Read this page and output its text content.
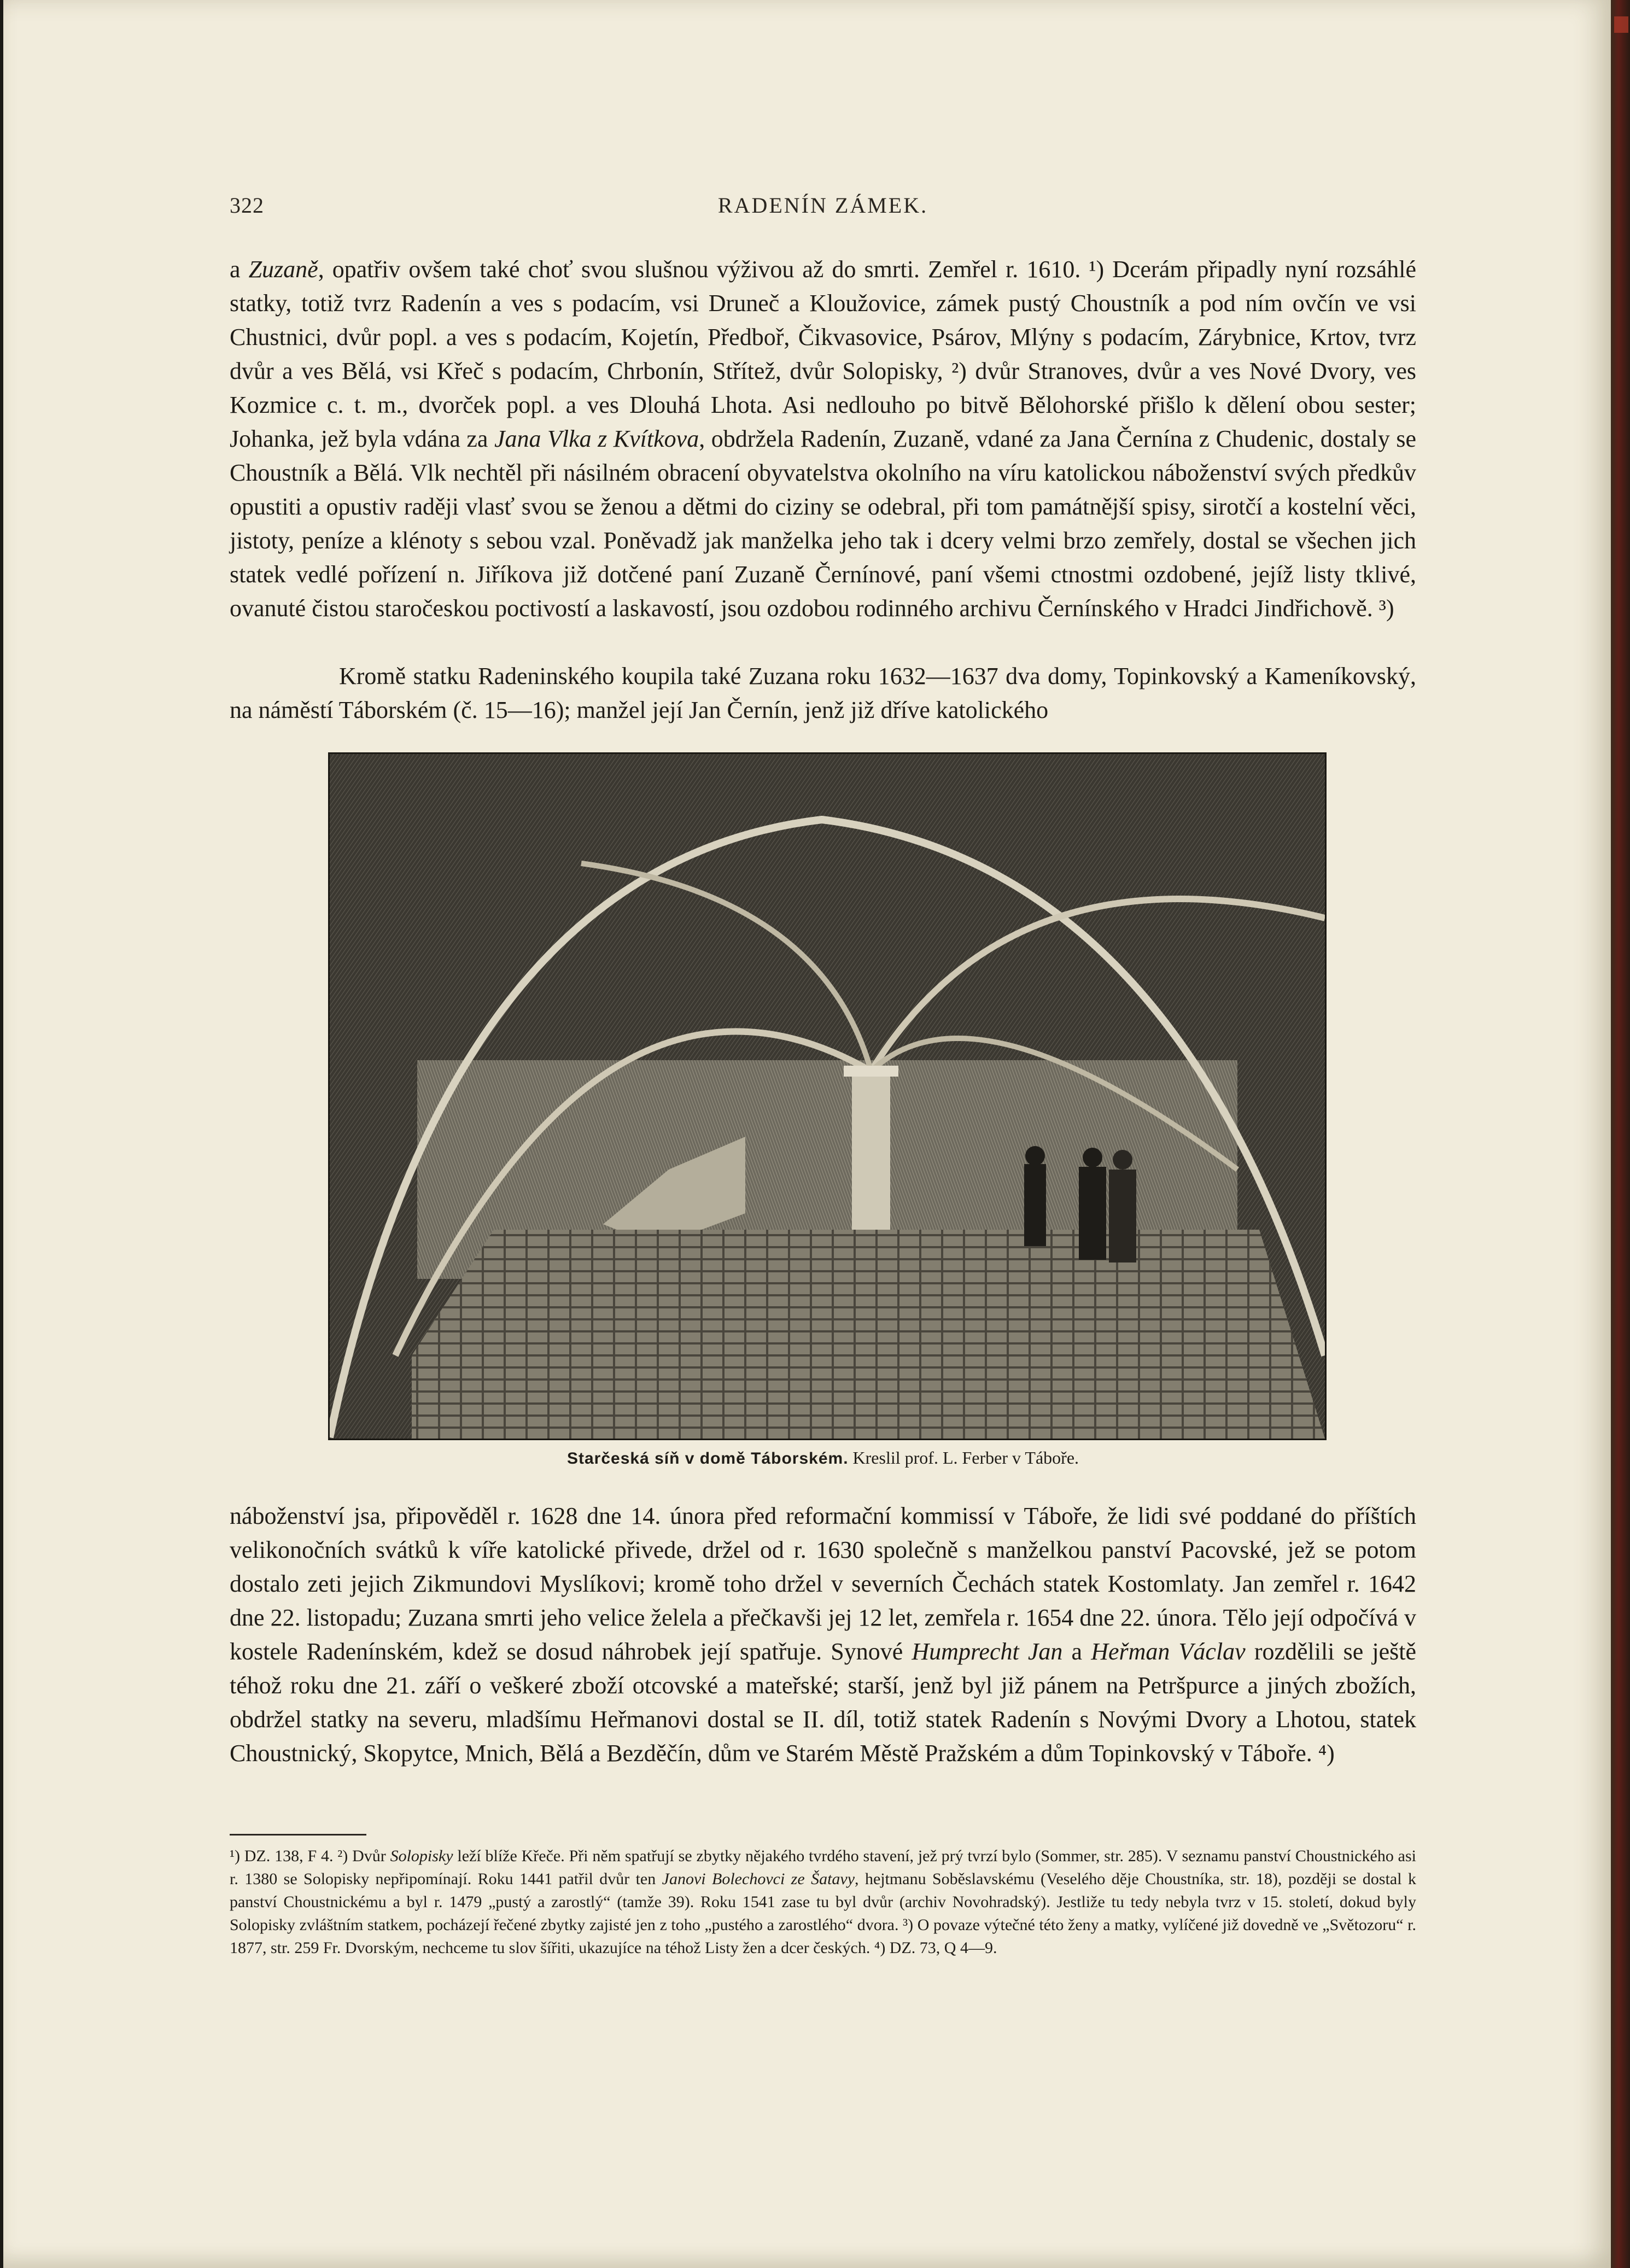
322	RADENÍN ZÁMEK.

a Zuzaně, opatřiv ovšem také choť svou slušnou výživou až do smrti. Zemřel r. 1610. ¹) Dcerám připadly nyní rozsáhlé statky, totiž tvrz Radenín a ves s podacím, vsi Druneč a Kloužovice, zámek pustý Choustník a pod ním ovčín ve vsi Chustnici, dvůr popl. a ves s podacím, Kojetín, Předboř, Čikvasovice, Psárov, Mlýny s podacím, Zárybnice, Krtov, tvrz dvůr a ves Bělá, vsi Křeč s podacím, Chrbonín, Střítež, dvůr Solopisky, ²) dvůr Stranoves, dvůr a ves Nové Dvory, ves Kozmice c. t. m., dvorček popl. a ves Dlouhá Lhota. Asi nedlouho po bitvě Bělohorské přišlo k dělení obou sester; Johanka, jež byla vdána za Jana Vlka z Kvítkova, obdržela Radenín, Zuzaně, vdané za Jana Černína z Chudenic, dostaly se Choustník a Bělá. Vlk nechtěl při násilném obracení obyvatelstva okolního na víru katolickou náboženství svých předkův opustiti a opustiv raději vlasť svou se ženou a dětmi do ciziny se odebral, při tom památnější spisy, sirotčí a kostelní věci, jistoty, peníze a klénoty s sebou vzal. Poněvadž jak manželka jeho tak i dcery velmi brzo zemřely, dostal se všechen jich statek vedlé pořízení n. Jiříkova již dotčené paní Zuzaně Černínové, paní všemi ctnostmi ozdobené, jejíž listy tklivé, ovanuté čistou staročeskou poctivostí a laskavostí, jsou ozdobou rodinného archivu Černínského v Hradci Jindřichově. ³)

Kromě statku Radeninského koupila také Zuzana roku 1632—1637 dva domy, Topinkovský a Kameníkovský, na náměstí Táborském (č. 15—16); manžel její Jan Černín, jenž již dříve katolického

Starčeská síň v domě Táborském. Kreslil prof. L. Ferber v Táboře.

náboženství jsa, připověděl r. 1628 dne 14. února před reformační kommissí v Táboře, že lidi své poddané do příštích velikonočních svátků k víře katolické přivede, držel od r. 1630 společně s manželkou panství Pacovské, jež se potom dostalo zeti jejich Zikmundovi Myslíkovi; kromě toho držel v severních Čechách statek Kostomlaty. Jan zemřel r. 1642 dne 22. listopadu; Zuzana smrti jeho velice želela a přečkavši jej 12 let, zemřela r. 1654 dne 22. února. Tělo její odpočívá v kostele Radenínském, kdež se dosud náhrobek její spatřuje. Synové Humprecht Jan a Heřman Václav rozdělili se ještě téhož roku dne 21. září o veškeré zboží otcovské a mateřské; starší, jenž byl již pánem na Petršpurce a jiných zbožích, obdržel statky na severu, mladšímu Heřmanovi dostal se II. díl, totiž statek Radenín s Novými Dvory a Lhotou, statek Choustnický, Skopytce, Mnich, Bělá a Bezděčín, dům ve Starém Městě Pražském a dům Topinkovský v Táboře. ⁴)

¹) DZ. 138, F 4. ²) Dvůr Solopisky leží blíže Křeče. Při něm spatřují se zbytky nějakého tvrdého stavení, jež prý tvrzí bylo (Sommer, str. 285). V seznamu panství Choustnického asi r. 1380 se Solopisky nepřipomínají. Roku 1441 patřil dvůr ten Janovi Bolechovci ze Šatavy, hejtmanu Soběslavskému (Veselého děje Choustníka, str. 18), později se dostal k panství Choustnickému a byl r. 1479 „pustý a zarostlý“ (tamže 39). Roku 1541 zase tu byl dvůr (archiv Novohradský). Jestliže tu tedy nebyla tvrz v 15. století, dokud byly Solopisky zvláštním statkem, pocházejí řečené zbytky zajisté jen z toho „pustého a zarostlého“ dvora. ³) O povaze výtečné této ženy a matky, vylíčené již dovedně ve „Světozoru“ r. 1877, str. 259 Fr. Dvorským, nechceme tu slov šířiti, ukazujíce na téhož Listy žen a dcer českých. ⁴) DZ. 73, Q 4—9.
